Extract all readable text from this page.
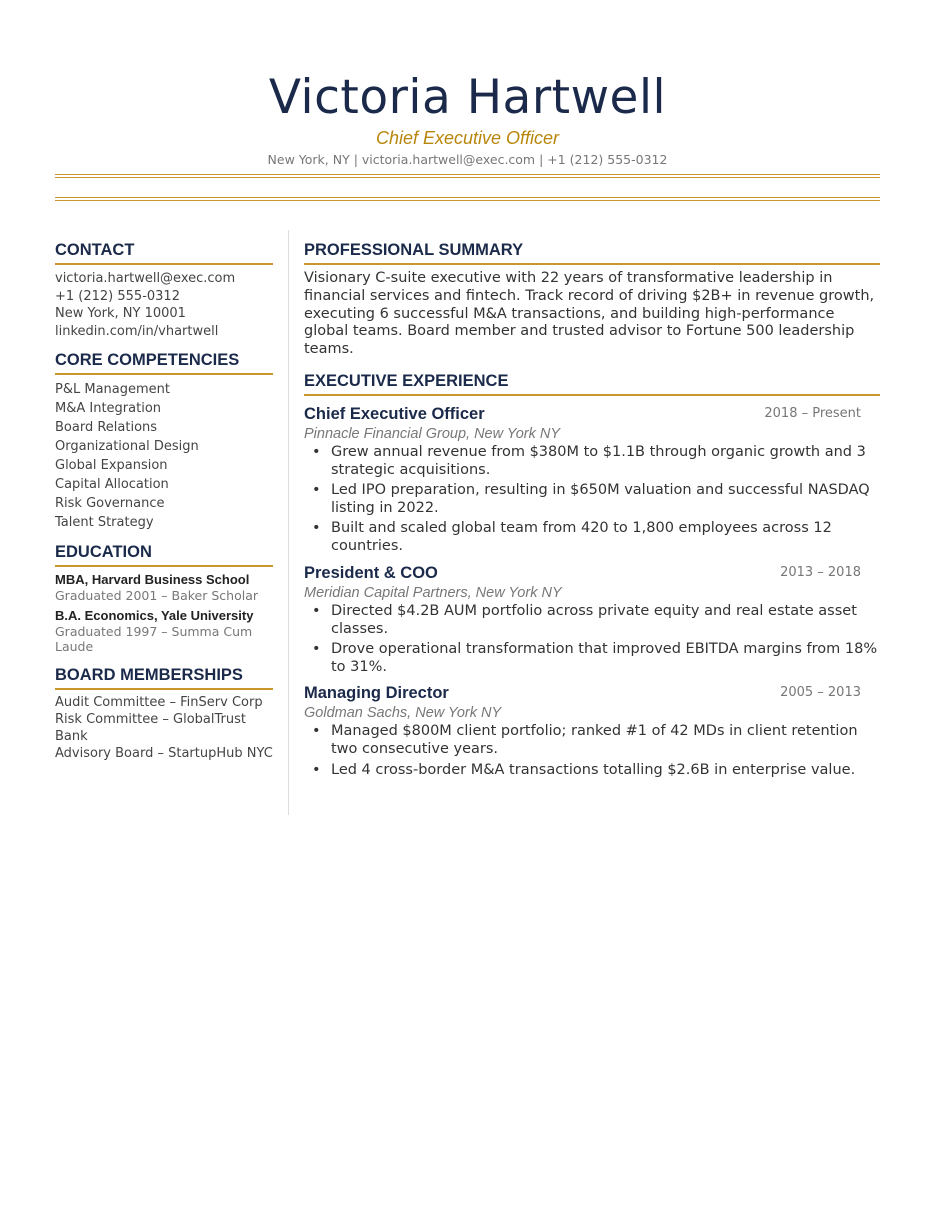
Victoria Hartwell
Chief Executive Officer
New York, NY | victoria.hartwell@exec.com | +1 (212) 555-0312
CONTACT
victoria.hartwell@exec.com
+1 (212) 555-0312
New York, NY 10001
linkedin.com/in/vhartwell
CORE COMPETENCIES
P&L Management
M&A Integration
Board Relations
Organizational Design
Global Expansion
Capital Allocation
Risk Governance
Talent Strategy
EDUCATION
MBA, Harvard Business School
Graduated 2001 – Baker Scholar
B.A. Economics, Yale University
Graduated 1997 – Summa Cum Laude
BOARD MEMBERSHIPS
Audit Committee – FinServ Corp
Risk Committee – GlobalTrust Bank
Advisory Board – StartupHub NYC
PROFESSIONAL SUMMARY

Visionary C-suite executive with 22 years of transformative leadership in financial services and fintech. Track record of driving $2B+ in revenue growth, executing 6 successful M&A transactions, and building high-performance global teams. Board member and trusted advisor to Fortune 500 leadership teams.

EXECUTIVE EXPERIENCE
Chief Executive Officer	2018 – Present
Pinnacle Financial Group, New York NY
• Grew annual revenue from $380M to $1.1B through organic growth and 3 strategic acquisitions.
• Led IPO preparation, resulting in $650M valuation and successful NASDAQ listing in 2022.
• Built and scaled global team from 420 to 1,800 employees across 12 countries.
President & COO	2013 – 2018
Meridian Capital Partners, New York NY
• Directed $4.2B AUM portfolio across private equity and real estate asset classes.
• Drove operational transformation that improved EBITDA margins from 18% to 31%.
Managing Director	2005 – 2013
Goldman Sachs, New York NY
• Managed $800M client portfolio; ranked #1 of 42 MDs in client retention two consecutive years.
• Led 4 cross-border M&A transactions totalling $2.6B in enterprise value.
